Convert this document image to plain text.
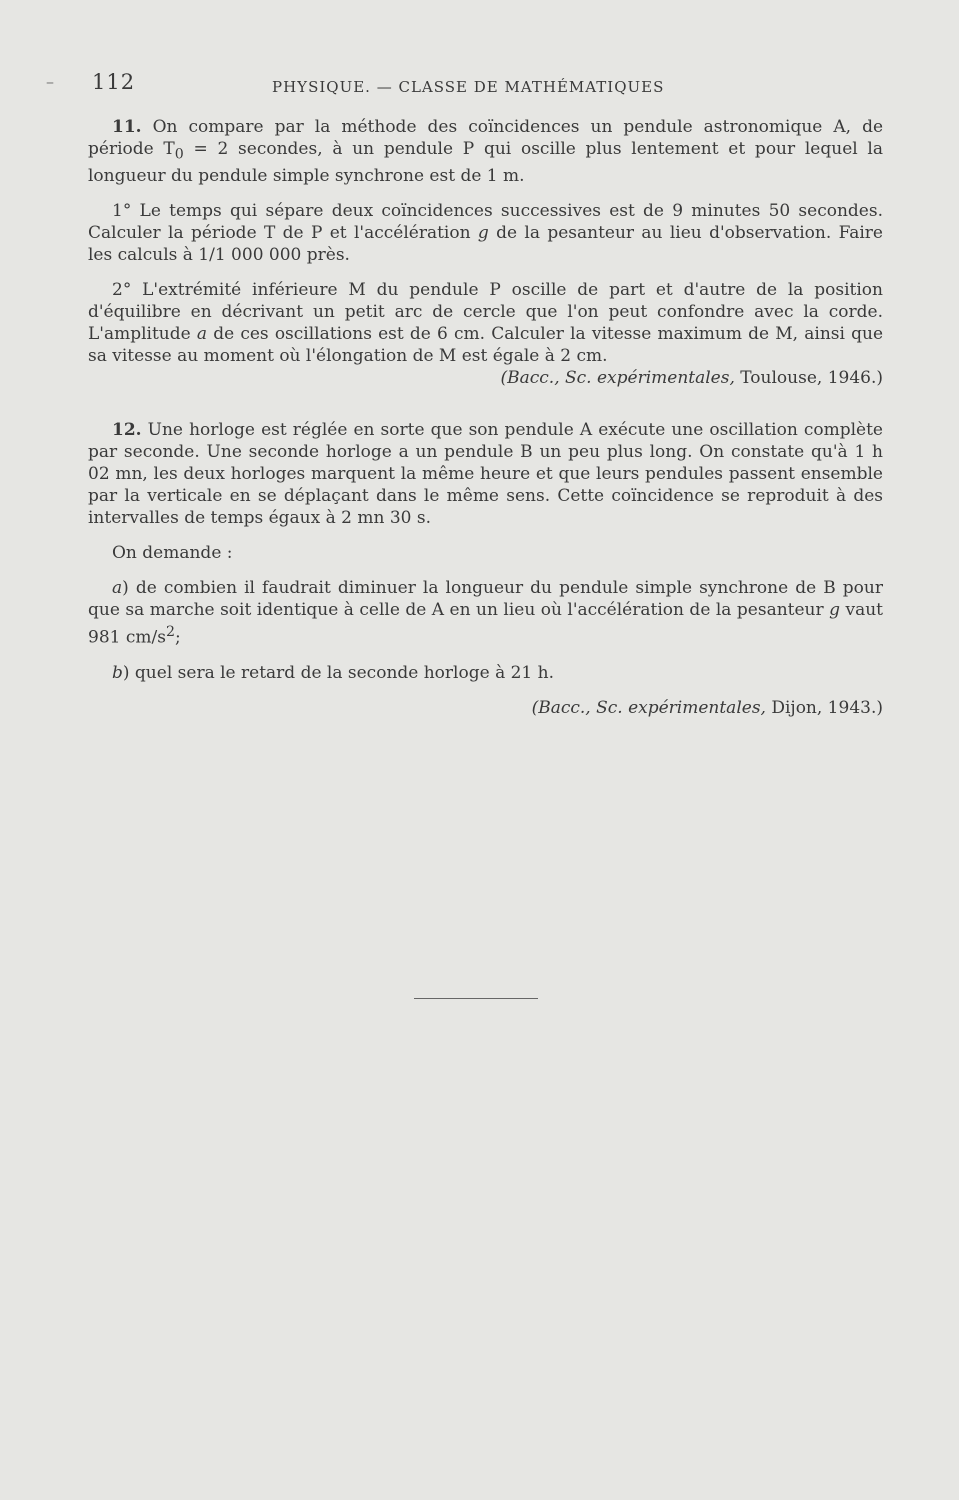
– 112	PHYSIQUE. — CLASSE DE MATHÉMATIQUES

11. On compare par la méthode des coïncidences un pendule astronomique A, de période $T_0 = 2$ secondes, à un pendule P qui oscille plus lentement et pour lequel la longueur du pendule simple synchrone est de 1 m.

1° Le temps qui sépare deux coïncidences successives est de 9 minutes 50 secondes. Calculer la période T de P et l'accélération g de la pesanteur au lieu d'observation. Faire les calculs à 1/1 000 000 près.

2° L'extrémité inférieure M du pendule P oscille de part et d'autre de la position d'équilibre en décrivant un petit arc de cercle que l'on peut confondre avec la corde. L'amplitude a de ces oscillations est de 6 cm. Calculer la vitesse maximum de M, ainsi que sa vitesse au moment où l'élongation de M est égale à 2 cm.

(Bacc., Sc. expérimentales, Toulouse, 1946.)

12. Une horloge est réglée en sorte que son pendule A exécute une oscillation complète par seconde. Une seconde horloge a un pendule B un peu plus long. On constate qu'à 1 h 02 mn, les deux horloges marquent la même heure et que leurs pendules passent ensemble par la verticale en se déplaçant dans le même sens. Cette coïncidence se reproduit à des intervalles de temps égaux à 2 mn 30 s.

On demande :

a) de combien il faudrait diminuer la longueur du pendule simple synchrone de B pour que sa marche soit identique à celle de A en un lieu où l'accélération de la pesanteur g vaut 981 $cm/s^2$;

b) quel sera le retard de la seconde horloge à 21 h.

(Bacc., Sc. expérimentales, Dijon, 1943.)
